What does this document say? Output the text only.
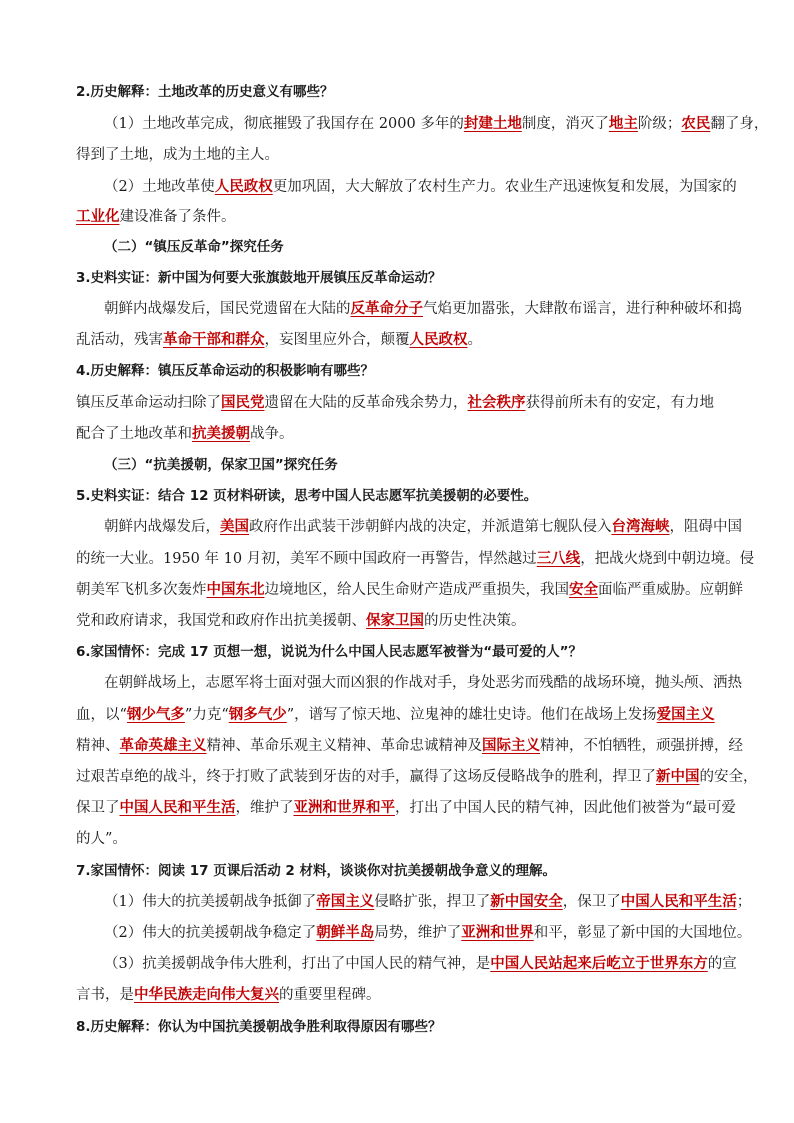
2.历史解释：土地改革的历史意义有哪些？
（1）土地改革完成，彻底摧毁了我国存在 2000 多年的封建土地制度，消灭了地主阶级；农民翻了身，
得到了土地，成为土地的主人。
（2）土地改革使人民政权更加巩固，大大解放了农村生产力。农业生产迅速恢复和发展，为国家的
工业化建设准备了条件。
（二）“镇压反革命”探究任务
3.史料实证：新中国为何要大张旗鼓地开展镇压反革命运动？
朝鲜内战爆发后，国民党遗留在大陆的反革命分子气焰更加嚣张，大肆散布谣言，进行种种破坏和捣
乱活动，残害革命干部和群众，妄图里应外合，颠覆人民政权。
4.历史解释：镇压反革命运动的积极影响有哪些？
镇压反革命运动扫除了国民党遗留在大陆的反革命残余势力，社会秩序获得前所未有的安定，有力地
配合了土地改革和抗美援朝战争。
（三）“抗美援朝，保家卫国”探究任务
5.史料实证：结合 12 页材料研读，思考中国人民志愿军抗美援朝的必要性。
朝鲜内战爆发后，美国政府作出武装干涉朝鲜内战的决定，并派遣第七舰队侵入台湾海峡，阻碍中国
的统一大业。1950 年 10 月初，美军不顾中国政府一再警告，悍然越过三八线，把战火烧到中朝边境。侵
朝美军飞机多次轰炸中国东北边境地区，给人民生命财产造成严重损失，我国安全面临严重威胁。应朝鲜
党和政府请求，我国党和政府作出抗美援朝、保家卫国的历史性决策。
6.家国情怀：完成 17 页想一想，说说为什么中国人民志愿军被誉为“最可爱的人”？
在朝鲜战场上，志愿军将士面对强大而凶狠的作战对手，身处恶劣而残酷的战场环境，抛头颅、洒热
血，以“钢少气多”力克“钢多气少”，谱写了惊天地、泣鬼神的雄壮史诗。他们在战场上发扬爱国主义
精神、革命英雄主义精神、革命乐观主义精神、革命忠诚精神及国际主义精神，不怕牺牲，顽强拼搏，经
过艰苦卓绝的战斗，终于打败了武装到牙齿的对手，赢得了这场反侵略战争的胜利，捍卫了新中国的安全，
保卫了中国人民和平生活，维护了亚洲和世界和平，打出了中国人民的精气神，因此他们被誉为“最可爱
的人”。
7.家国情怀：阅读 17 页课后活动 2 材料，谈谈你对抗美援朝战争意义的理解。
（1）伟大的抗美援朝战争抵御了帝国主义侵略扩张，捍卫了新中国安全，保卫了中国人民和平生活；
（2）伟大的抗美援朝战争稳定了朝鲜半岛局势，维护了亚洲和世界和平，彰显了新中国的大国地位。
（3）抗美援朝战争伟大胜利，打出了中国人民的精气神，是中国人民站起来后屹立于世界东方的宣
言书，是中华民族走向伟大复兴的重要里程碑。
8.历史解释：你认为中国抗美援朝战争胜利取得原因有哪些？
